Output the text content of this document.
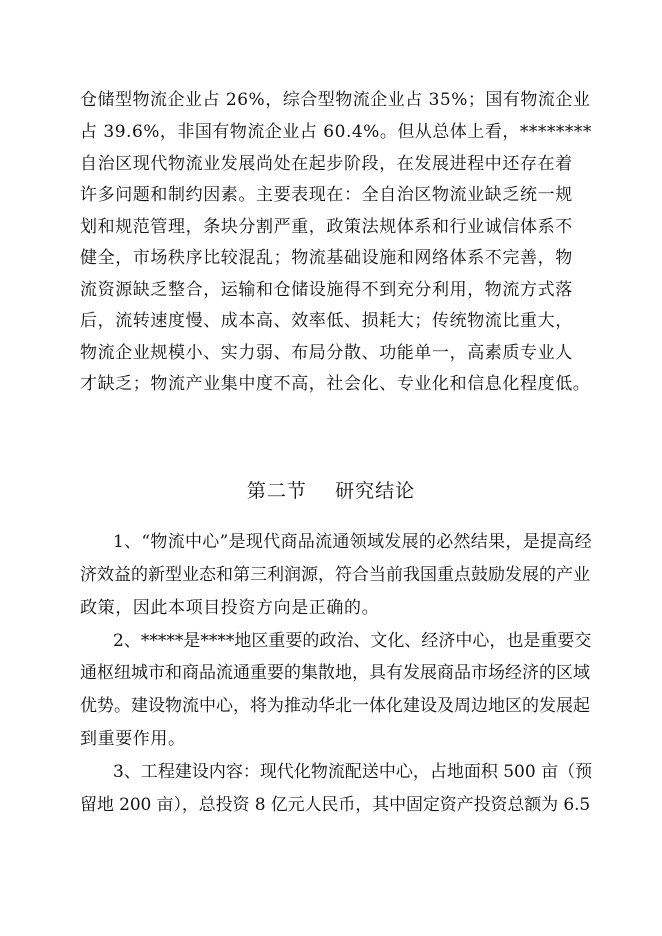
仓储型物流企业占 26%，综合型物流企业占 35%；国有物流企业
占 39.6%，非国有物流企业占 60.4%。但从总体上看，********
自治区现代物流业发展尚处在起步阶段，在发展进程中还存在着
许多问题和制约因素。主要表现在：全自治区物流业缺乏统一规
划和规范管理，条块分割严重，政策法规体系和行业诚信体系不
健全，市场秩序比较混乱；物流基础设施和网络体系不完善，物
流资源缺乏整合，运输和仓储设施得不到充分利用，物流方式落
后，流转速度慢、成本高、效率低、损耗大；传统物流比重大，
物流企业规模小、实力弱、布局分散、功能单一，高素质专业人
才缺乏；物流产业集中度不高，社会化、专业化和信息化程度低。
第二节    研究结论
1、“物流中心”是现代商品流通领域发展的必然结果，是提高经
济效益的新型业态和第三利润源，符合当前我国重点鼓励发展的产业
政策，因此本项目投资方向是正确的。
2、*****是****地区重要的政治、文化、经济中心，也是重要交
通枢纽城市和商品流通重要的集散地，具有发展商品市场经济的区域
优势。建设物流中心，将为推动华北一体化建设及周边地区的发展起
到重要作用。
3、工程建设内容：现代化物流配送中心，占地面积 500 亩（预
留地 200 亩），总投资 8 亿元人民币，其中固定资产投资总额为 6.5
